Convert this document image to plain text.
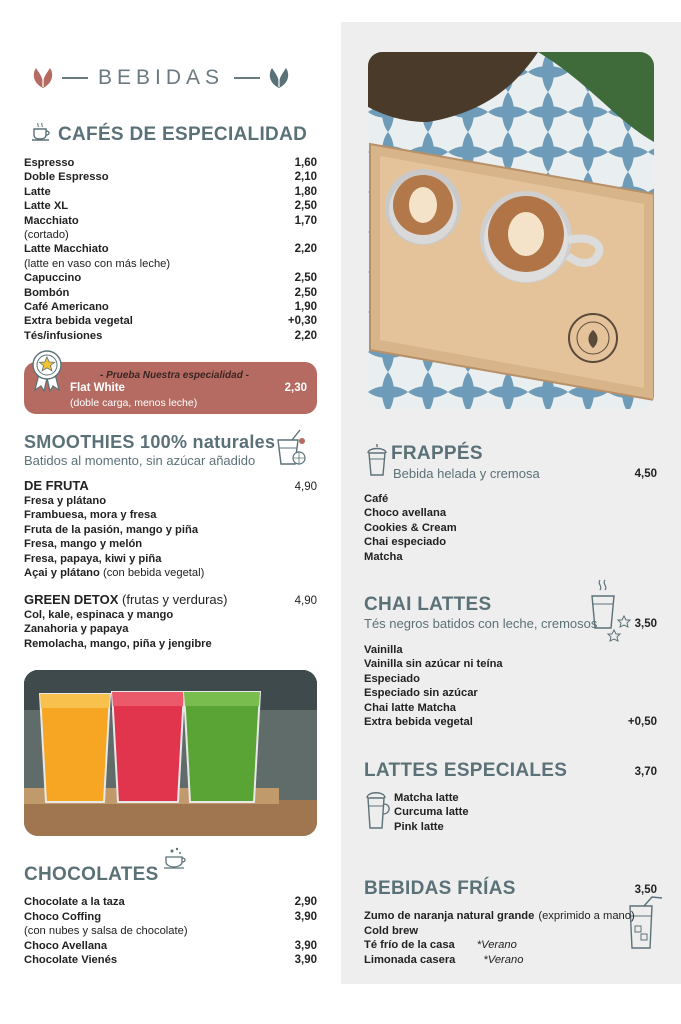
BEBIDAS
CAFÉS DE ESPECIALIDAD
Espresso	1,60
Doble Espresso	2,10
Latte	1,80
Latte XL	2,50
Macchiato	1,70
(cortado)
Latte Macchiato	2,20
(latte en vaso con más leche)
Capuccino	2,50
Bombón	2,50
Café Americano	1,90
Extra bebida vegetal	+0,30
Tés/infusiones	2,20
- Prueba Nuestra especialidad -
Flat White
(doble carga, menos leche)
2,30
SMOOTHIES 100% naturales
Batidos al momento, sin azúcar añadido
DE FRUTA	4,90
Fresa y plátano
Frambuesa, mora y fresa
Fruta de la pasión, mango y piña
Fresa, mango y melón
Fresa, papaya, kiwi y piña
Açai y plátano (con bebida vegetal)
GREEN DETOX (frutas y verduras)	4,90
Col, kale, espinaca y mango
Zanahoria y papaya
Remolacha, mango, piña y jengibre
CHOCOLATES
Chocolate a la taza	2,90
Choco Coffing	3,90
(con nubes y salsa de chocolate)
Choco Avellana	3,90
Chocolate Vienés	3,90
FRAPPÉS
Bebida helada y cremosa	4,50
Café
Choco avellana
Cookies & Cream
Chai especiado
Matcha
CHAI LATTES
Tés negros batidos con leche, cremosos	3,50
Vainilla
Vainilla sin azúcar ni teína
Especiado
Especiado sin azúcar
Chai latte Matcha
Extra bebida vegetal	+0,50
LATTES ESPECIALES	3,70
Matcha latte
Curcuma latte
Pink latte
BEBIDAS FRÍAS	3,50
Zumo de naranja natural grande (exprimido a mano)
Cold brew
Té frío de la casa *Verano
Limonada casera	*Verano
